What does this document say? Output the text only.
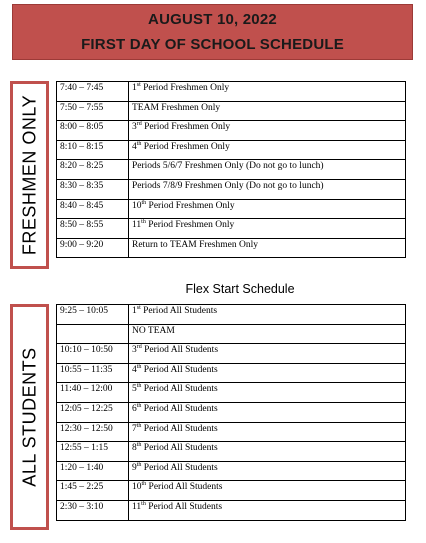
AUGUST 10, 2022
FIRST DAY OF SCHOOL SCHEDULE
FRESHMEN ONLY
7:40 – 7:45	1st Period Freshmen Only
7:50 – 7:55	TEAM Freshmen Only
8:00 – 8:05	3rd Period Freshmen Only
8:10 – 8:15	4th Period Freshmen Only
8:20 – 8:25	Periods 5/6/7 Freshmen Only (Do not go to lunch)
8:30 – 8:35	Periods 7/8/9 Freshmen Only (Do not go to lunch)
8:40 – 8:45	10th Period Freshmen Only
8:50 – 8:55	11th Period Freshmen Only
9:00 – 9:20	Return to TEAM Freshmen Only
Flex Start Schedule
ALL STUDENTS
9:25 – 10:05	1st Period All Students
	NO TEAM
10:10 – 10:50	3rd Period All Students
10:55 – 11:35	4th Period All Students
11:40 – 12:00	5th Period All Students
12:05 – 12:25	6th Period All Students
12:30 – 12:50	7th Period All Students
12:55 – 1:15	8th Period All Students
1:20 – 1:40	9th Period All Students
1:45 – 2:25	10th Period All Students
2:30 – 3:10	11th Period All Students
